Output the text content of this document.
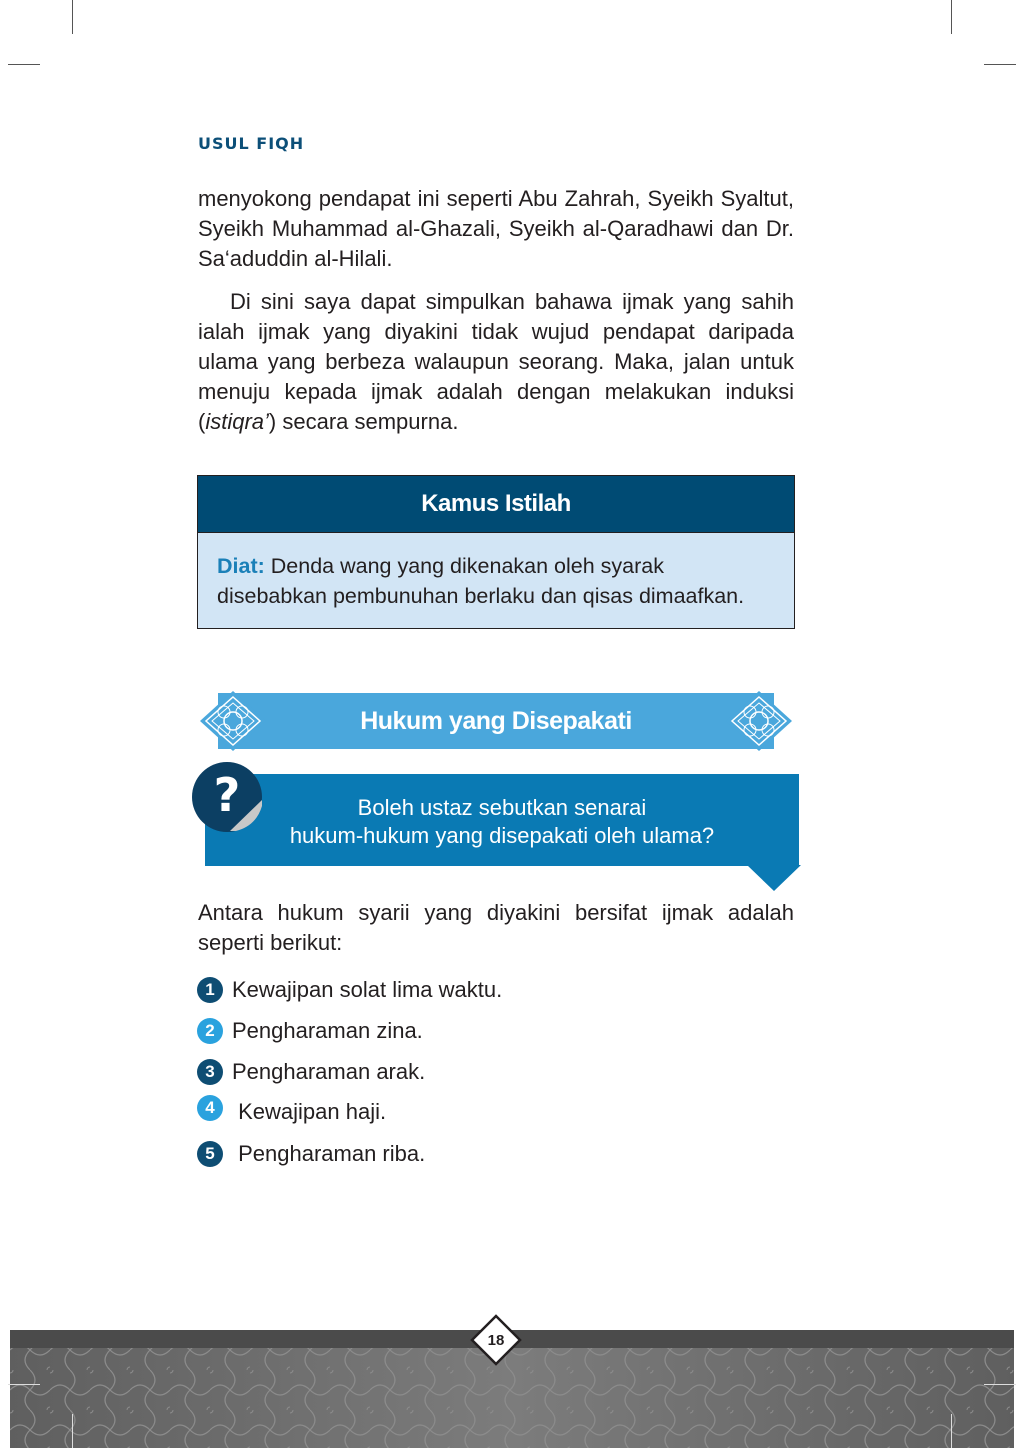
USUL FIQH

menyokong pendapat ini seperti Abu Zahrah, Syeikh Syaltut, Syeikh Muhammad al-Ghazali, Syeikh al-Qaradhawi dan Dr. Sa‘aduddin al-Hilali.

Di sini saya dapat simpulkan bahawa ijmak yang sahih ialah ijmak yang diyakini tidak wujud pendapat daripada ulama yang berbeza walaupun seorang. Maka, jalan untuk menuju kepada ijmak adalah dengan melakukan induksi (istiqra’) secara sempurna.

Kamus Istilah
Diat: Denda wang yang dikenakan oleh syarak disebabkan pembunuhan berlaku dan qisas dimaafkan.
Hukum yang Disepakati
Boleh ustaz sebutkan senarai
hukum-hukum yang disepakati oleh ulama?
?

Antara hukum syarii yang diyakini bersifat ijmak adalah seperti berikut:

1 Kewajipan solat lima waktu.
2 Pengharaman zina.
3 Pengharaman arak.
4 Kewajipan haji.
5 Pengharaman riba.
18
